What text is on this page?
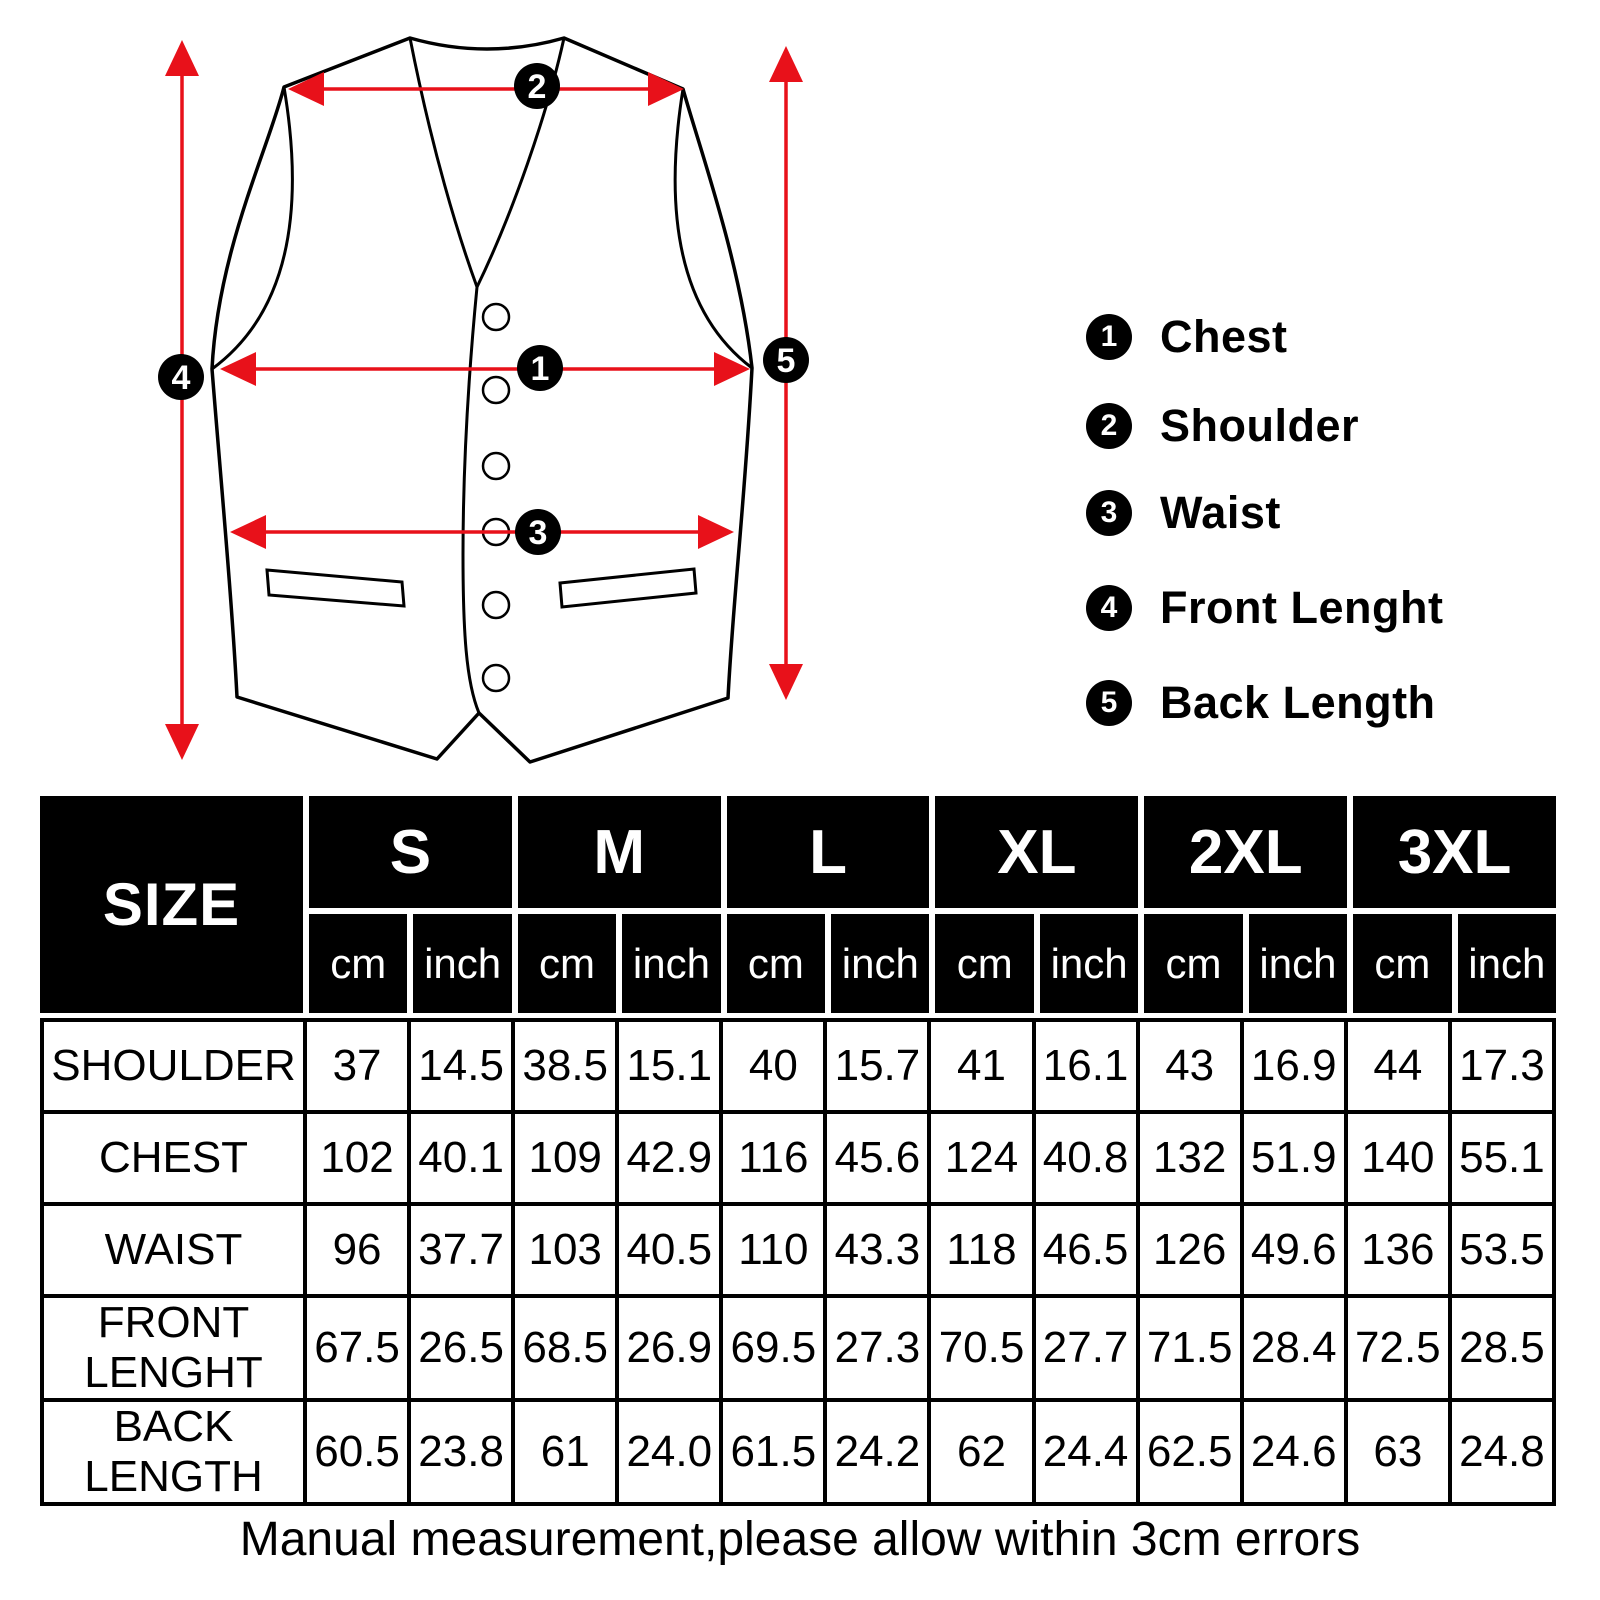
1
2
3
4	5
1 Chest
2 Shoulder
3 Waist
4 Front Lenght
5 Back Length
SIZE
S	M	L	XL	2XL	3XL
cm inch cm inch cm inch cm inch cm inch cm inch
SHOULDER	37	14.5	38.5	15.1	40	15.7	41	16.1	43	16.9	44	17.3
CHEST	102	40.1	109	42.9	116	45.6	124	40.8	132	51.9	140	55.1
WAIST	96	37.7	103	40.5	110	43.3	118	46.5	126	49.6	136	53.5
FRONT LENGHT	67.5	26.5	68.5	26.9	69.5	27.3	70.5	27.7	71.5	28.4	72.5	28.5
BACK LENGTH	60.5	23.8	61	24.0	61.5	24.2	62	24.4	62.5	24.6	63	24.8
Manual measurement,please allow within 3cm errors
